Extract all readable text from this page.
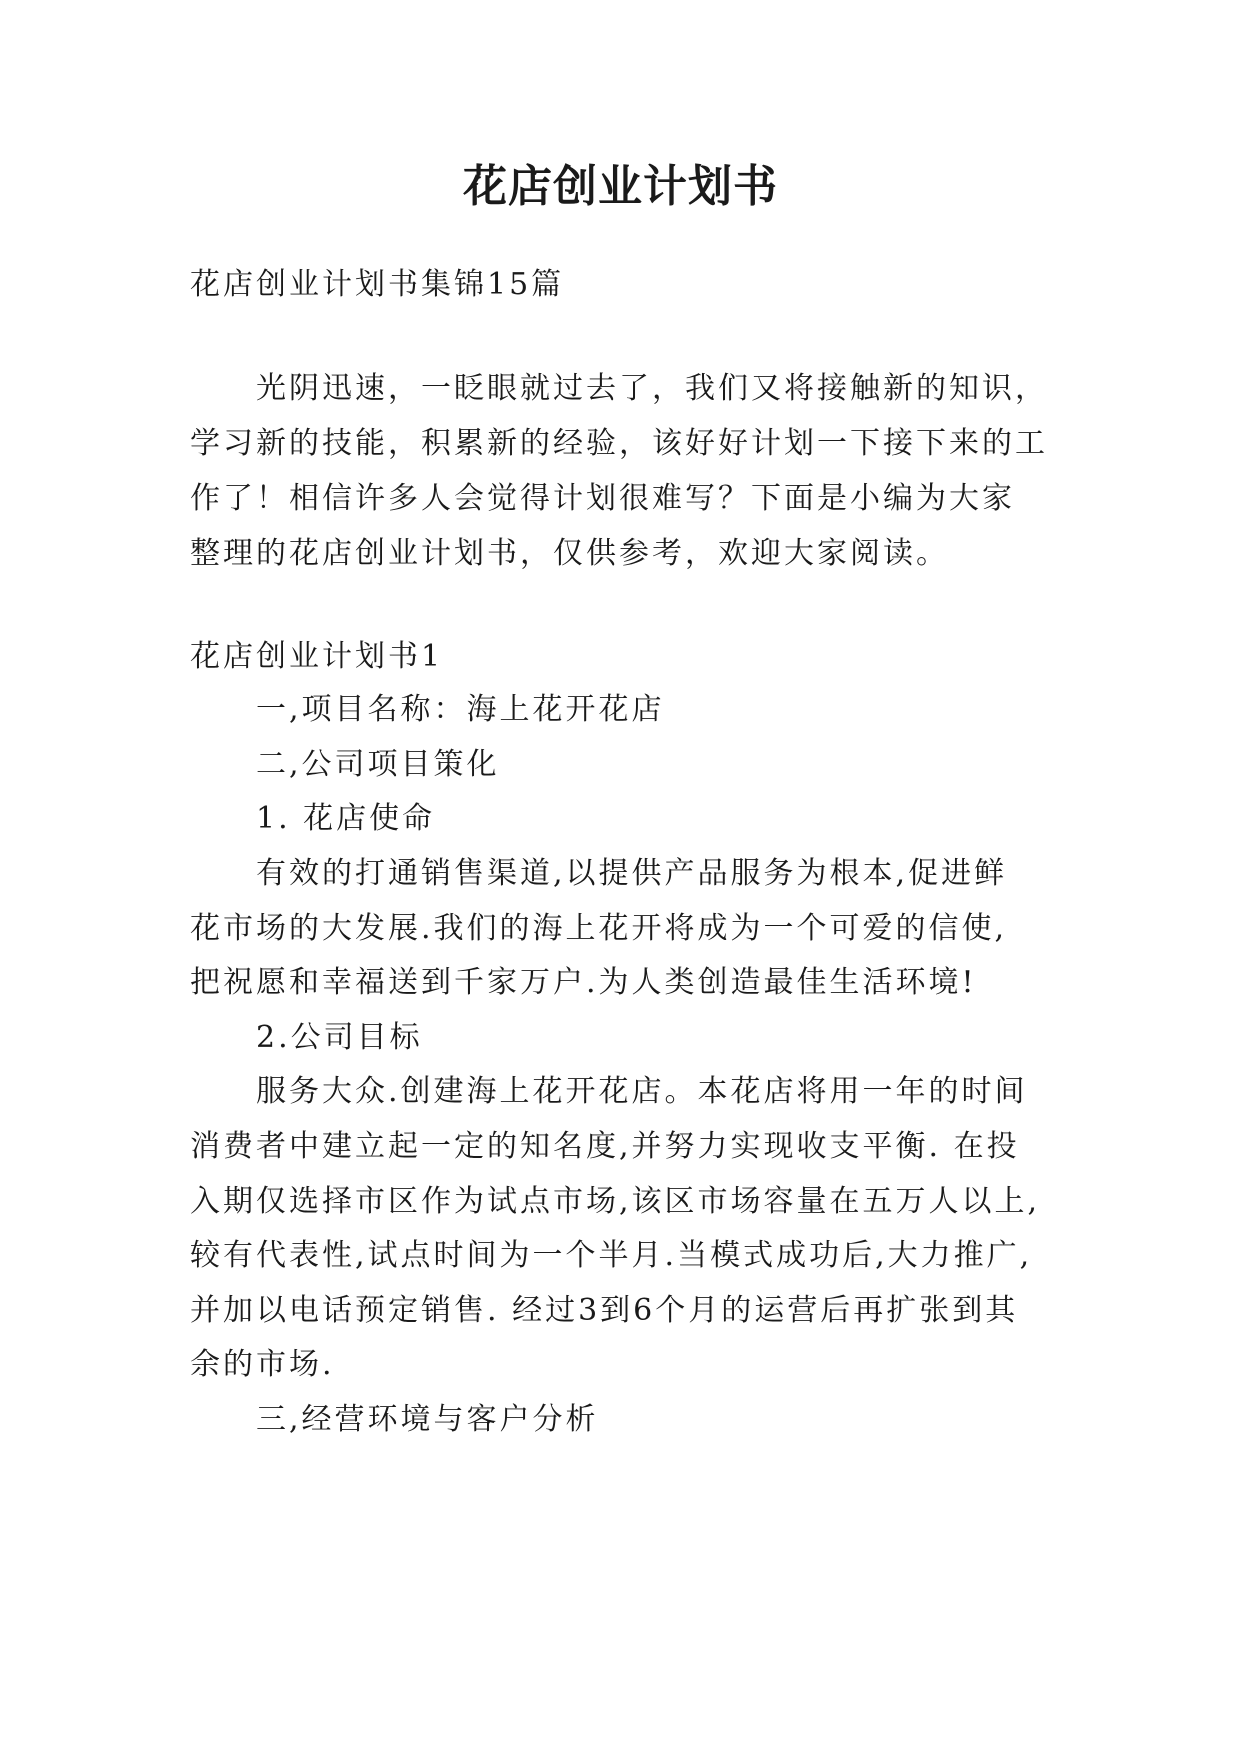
花店创业计划书
花店创业计划书集锦15篇
光阴迅速，一眨眼就过去了，我们又将接触新的知识，
学习新的技能，积累新的经验，该好好计划一下接下来的工
作了！相信许多人会觉得计划很难写？下面是小编为大家
整理的花店创业计划书，仅供参考，欢迎大家阅读。
花店创业计划书1
一,项目名称：海上花开花店
二,公司项目策化
1. 花店使命
有效的打通销售渠道,以提供产品服务为根本,促进鲜
花市场的大发展.我们的海上花开将成为一个可爱的信使,
把祝愿和幸福送到千家万户.为人类创造最佳生活环境!
2.公司目标
服务大众.创建海上花开花店。本花店将用一年的时间
消费者中建立起一定的知名度,并努力实现收支平衡. 在投
入期仅选择市区作为试点市场,该区市场容量在五万人以上,
较有代表性,试点时间为一个半月.当模式成功后,大力推广,
并加以电话预定销售. 经过3到6个月的运营后再扩张到其
余的市场.
三,经营环境与客户分析
